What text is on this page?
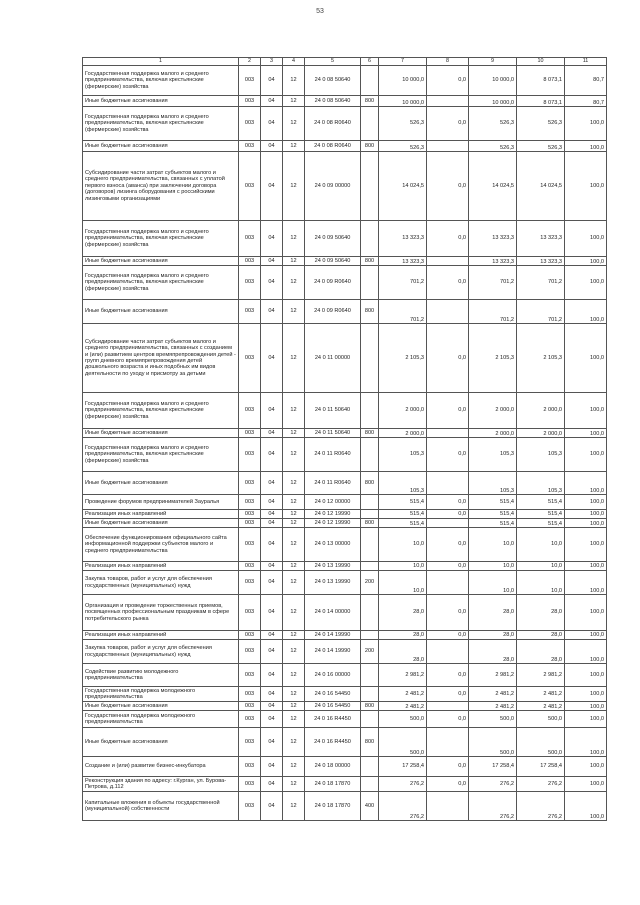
53
1	2	3	4	5	6	7	8	9	10	11
Государственная поддержка малого и среднего предпринимательства, включая крестьянские (фермерские) хозяйства	003	04	12	24 0 08 50640		10 000,0	0,0	10 000,0	8 073,1	80,7
Иные бюджетные ассигнования	003	04	12	24 0 08 50640	800	10 000,0		10 000,0	8 073,1	80,7
Государственная поддержка малого и среднего предпринимательства, включая крестьянские (фермерские) хозяйства	003	04	12	24 0 08 R0640		526,3	0,0	526,3	526,3	100,0
Иные бюджетные ассигнования	003	04	12	24 0 08 R0640	800	526,3		526,3	526,3	100,0
Субсидирование части затрат субъектов малого и среднего предпринимательства, связанных с уплатой первого взноса (аванса) при заключении договора (договоров) лизинга оборудования с российскими лизинговыми организациями	003	04	12	24 0 09 00000		14 024,5	0,0	14 024,5	14 024,5	100,0
Государственная поддержка малого и среднего предпринимательства, включая крестьянские (фермерские) хозяйства	003	04	12	24 0 09 50640		13 323,3	0,0	13 323,3	13 323,3	100,0
Иные бюджетные ассигнования	003	04	12	24 0 09 50640	800	13 323,3		13 323,3	13 323,3	100,0
Государственная поддержка малого и среднего предпринимательства, включая крестьянские (фермерские) хозяйства	003	04	12	24 0 09 R0640		701,2	0,0	701,2	701,2	100,0
Иные бюджетные ассигнования	003	04	12	24 0 09 R0640	800	701,2		701,2	701,2	100,0
Субсидирование части затрат субъектов малого и среднего предпринимательства, связанных с созданием и (или) развитием центров времяпрепровождения детей - групп дневного времяпрепровождения детей дошкольного возраста и иных подобных им видов деятельности по уходу и присмотру за детьми	003	04	12	24 0 11 00000		2 105,3	0,0	2 105,3	2 105,3	100,0
Государственная поддержка малого и среднего предпринимательства, включая крестьянские (фермерские) хозяйства	003	04	12	24 0 11 50640		2 000,0	0,0	2 000,0	2 000,0	100,0
Иные бюджетные ассигнования	003	04	12	24 0 11 50640	800	2 000,0		2 000,0	2 000,0	100,0
Государственная поддержка малого и среднего предпринимательства, включая крестьянские (фермерские) хозяйства	003	04	12	24 0 11 R0640		105,3	0,0	105,3	105,3	100,0
Иные бюджетные ассигнования	003	04	12	24 0 11 R0640	800	105,3		105,3	105,3	100,0
Проведение форумов предпринимателей Зауралья	003	04	12	24 0 12 00000		515,4	0,0	515,4	515,4	100,0
Реализация иных направлений	003	04	12	24 0 12 19990		515,4	0,0	515,4	515,4	100,0
Иные бюджетные ассигнования	003	04	12	24 0 12 19990	800	515,4		515,4	515,4	100,0
Обеспечение функционирования официального сайта информационной поддержки субъектов малого и среднего предпринимательства	003	04	12	24 0 13 00000		10,0	0,0	10,0	10,0	100,0
Реализация иных направлений	003	04	12	24 0 13 19990		10,0	0,0	10,0	10,0	100,0
Закупка товаров, работ и услуг для обеспечения государственных (муниципальных) нужд	003	04	12	24 0 13 19990	200	10,0		10,0	10,0	100,0
Организация и проведение торжественных приемов, посвященных профессиональным праздникам в сфере потребительского рынка	003	04	12	24 0 14 00000		28,0	0,0	28,0	28,0	100,0
Реализация иных направлений	003	04	12	24 0 14 19990		28,0	0,0	28,0	28,0	100,0
Закупка товаров, работ и услуг для обеспечения государственных (муниципальных) нужд	003	04	12	24 0 14 19990	200	28,0		28,0	28,0	100,0
Содействие развитию молодежного предпринимательства	003	04	12	24 0 16 00000		2 981,2	0,0	2 981,2	2 981,2	100,0
Государственная поддержка молодежного предпринимательства	003	04	12	24 0 16 54450		2 481,2	0,0	2 481,2	2 481,2	100,0
Иные бюджетные ассигнования	003	04	12	24 0 16 54450	800	2 481,2		2 481,2	2 481,2	100,0
Государственная поддержка молодежного предпринимательства	003	04	12	24 0 16 R4450		500,0	0,0	500,0	500,0	100,0
Иные бюджетные ассигнования	003	04	12	24 0 16 R4450	800	500,0		500,0	500,0	100,0
Создание и (или) развитие бизнес-инкубатора	003	04	12	24 0 18 00000		17 258,4	0,0	17 258,4	17 258,4	100,0
Реконструкция здания по адресу: г.Курган, ул. Бурова-Петрова, д.112	003	04	12	24 0 18 17870		276,2	0,0	276,2	276,2	100,0
Капитальные вложения в объекты государственной (муниципальной) собственности	003	04	12	24 0 18 17870	400	276,2		276,2	276,2	100,0
